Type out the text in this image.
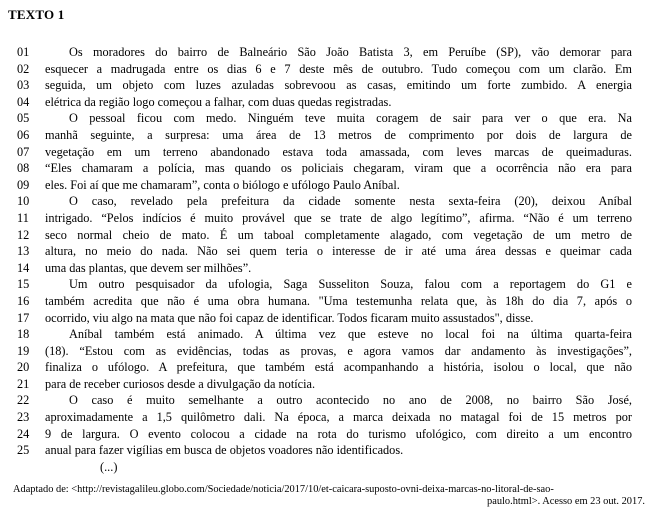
TEXTO 1
01	Os moradores do bairro de Balneário São João Batista 3, em Peruíbe (SP), vão demorar para
02	esquecer a madrugada entre os dias 6 e 7 deste mês de outubro. Tudo começou com um clarão. Em
03	seguida, um objeto com luzes azuladas sobrevoou as casas, emitindo um forte zumbido. A energia
04	elétrica da região logo começou a falhar, com duas quedas registradas.
05	O pessoal ficou com medo. Ninguém teve muita coragem de sair para ver o que era. Na
06	manhã seguinte, a surpresa: uma área de 13 metros de comprimento por dois de largura de
07	vegetação em um terreno abandonado estava toda amassada, com leves marcas de queimaduras.
08	“Eles chamaram a polícia, mas quando os policiais chegaram, viram que a ocorrência não era para
09	eles. Foi aí que me chamaram”, conta o biólogo e ufólogo Paulo Aníbal.
10	O caso, revelado pela prefeitura da cidade somente nesta sexta-feira (20), deixou Aníbal
11	intrigado. “Pelos indícios é muito provável que se trate de algo legítimo”, afirma. “Não é um terreno
12	seco normal cheio de mato. É um taboal completamente alagado, com vegetação de um metro de
13	altura, no meio do nada. Não sei quem teria o interesse de ir até uma área dessas e queimar cada
14	uma das plantas, que devem ser milhões”.
15	Um outro pesquisador da ufologia, Saga Susseliton Souza, falou com a reportagem do G1 e
16	também acredita que não é uma obra humana. "Uma testemunha relata que, às 18h do dia 7, após o
17	ocorrido, viu algo na mata que não foi capaz de identificar. Todos ficaram muito assustados", disse.
18	Aníbal também está animado. A última vez que esteve no local foi na última quarta-feira
19	(18). “Estou com as evidências, todas as provas, e agora vamos dar andamento às investigações”,
20	finaliza o ufólogo. A prefeitura, que também está acompanhando a história, isolou o local, que não
21	para de receber curiosos desde a divulgação da notícia.
22	O caso é muito semelhante a outro acontecido no ano de 2008, no bairro São José,
23	aproximadamente a 1,5 quilômetro dali. Na época, a marca deixada no matagal foi de 15 metros por
24	9 de largura. O evento colocou a cidade na rota do turismo ufológico, com direito a um encontro
25	anual para fazer vigílias em busca de objetos voadores não identificados.
(...)
Adaptado de: <http://revistagalileu.globo.com/Sociedade/noticia/2017/10/et-caicara-suposto-ovni-deixa-marcas-no-litoral-de-sao-
paulo.html>. Acesso em 23 out. 2017.
